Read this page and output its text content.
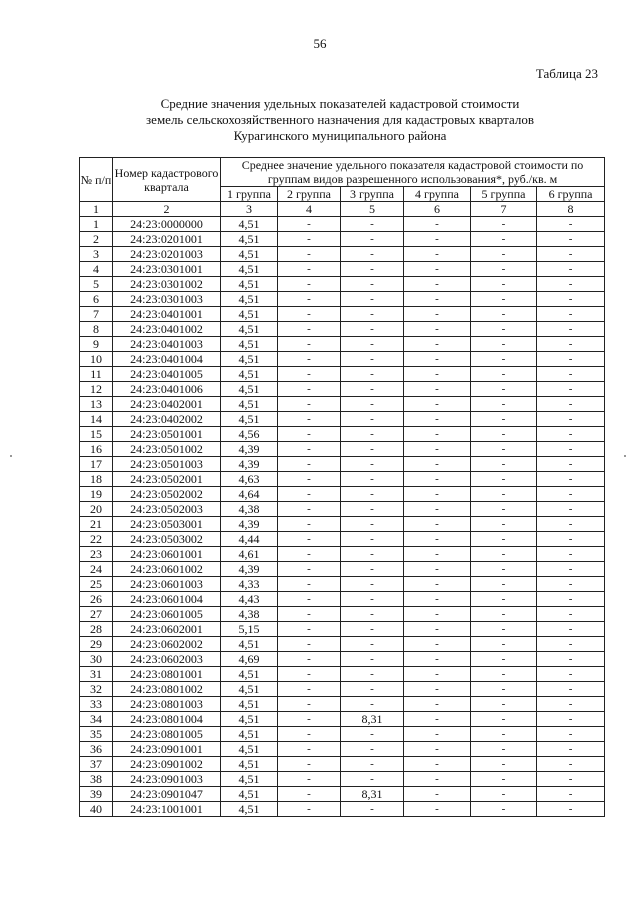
56
Таблица 23
Средние значения удельных показателей кадастровой стоимости
земель сельскохозяйственного назначения для кадастровых кварталов
Курагинского муниципального района
№ п/п	Номер кадастрового квартала	Среднее значение удельного показателя кадастровой стоимости по группам видов разрешенного использования*, руб./кв. м					
		1 группа	2 группа	3 группа	4 группа	5 группа	6 группа
1	2	3	4	5	6	7	8
1	24:23:0000000	4,51	-	-	-	-	-
2	24:23:0201001	4,51	-	-	-	-	-
3	24:23:0201003	4,51	-	-	-	-	-
4	24:23:0301001	4,51	-	-	-	-	-
5	24:23:0301002	4,51	-	-	-	-	-
6	24:23:0301003	4,51	-	-	-	-	-
7	24:23:0401001	4,51	-	-	-	-	-
8	24:23:0401002	4,51	-	-	-	-	-
9	24:23:0401003	4,51	-	-	-	-	-
10	24:23:0401004	4,51	-	-	-	-	-
11	24:23:0401005	4,51	-	-	-	-	-
12	24:23:0401006	4,51	-	-	-	-	-
13	24:23:0402001	4,51	-	-	-	-	-
14	24:23:0402002	4,51	-	-	-	-	-
15	24:23:0501001	4,56	-	-	-	-	-
16	24:23:0501002	4,39	-	-	-	-	-
17	24:23:0501003	4,39	-	-	-	-	-
18	24:23:0502001	4,63	-	-	-	-	-
19	24:23:0502002	4,64	-	-	-	-	-
20	24:23:0502003	4,38	-	-	-	-	-
21	24:23:0503001	4,39	-	-	-	-	-
22	24:23:0503002	4,44	-	-	-	-	-
23	24:23:0601001	4,61	-	-	-	-	-
24	24:23:0601002	4,39	-	-	-	-	-
25	24:23:0601003	4,33	-	-	-	-	-
26	24:23:0601004	4,43	-	-	-	-	-
27	24:23:0601005	4,38	-	-	-	-	-
28	24:23:0602001	5,15	-	-	-	-	-
29	24:23:0602002	4,51	-	-	-	-	-
30	24:23:0602003	4,69	-	-	-	-	-
31	24:23:0801001	4,51	-	-	-	-	-
32	24:23:0801002	4,51	-	-	-	-	-
33	24:23:0801003	4,51	-	-	-	-	-
34	24:23:0801004	4,51	-	8,31	-	-	-
35	24:23:0801005	4,51	-	-	-	-	-
36	24:23:0901001	4,51	-	-	-	-	-
37	24:23:0901002	4,51	-	-	-	-	-
38	24:23:0901003	4,51	-	-	-	-	-
39	24:23:0901047	4,51	-	8,31	-	-	-
40	24:23:1001001	4,51	-	-	-	-	-
